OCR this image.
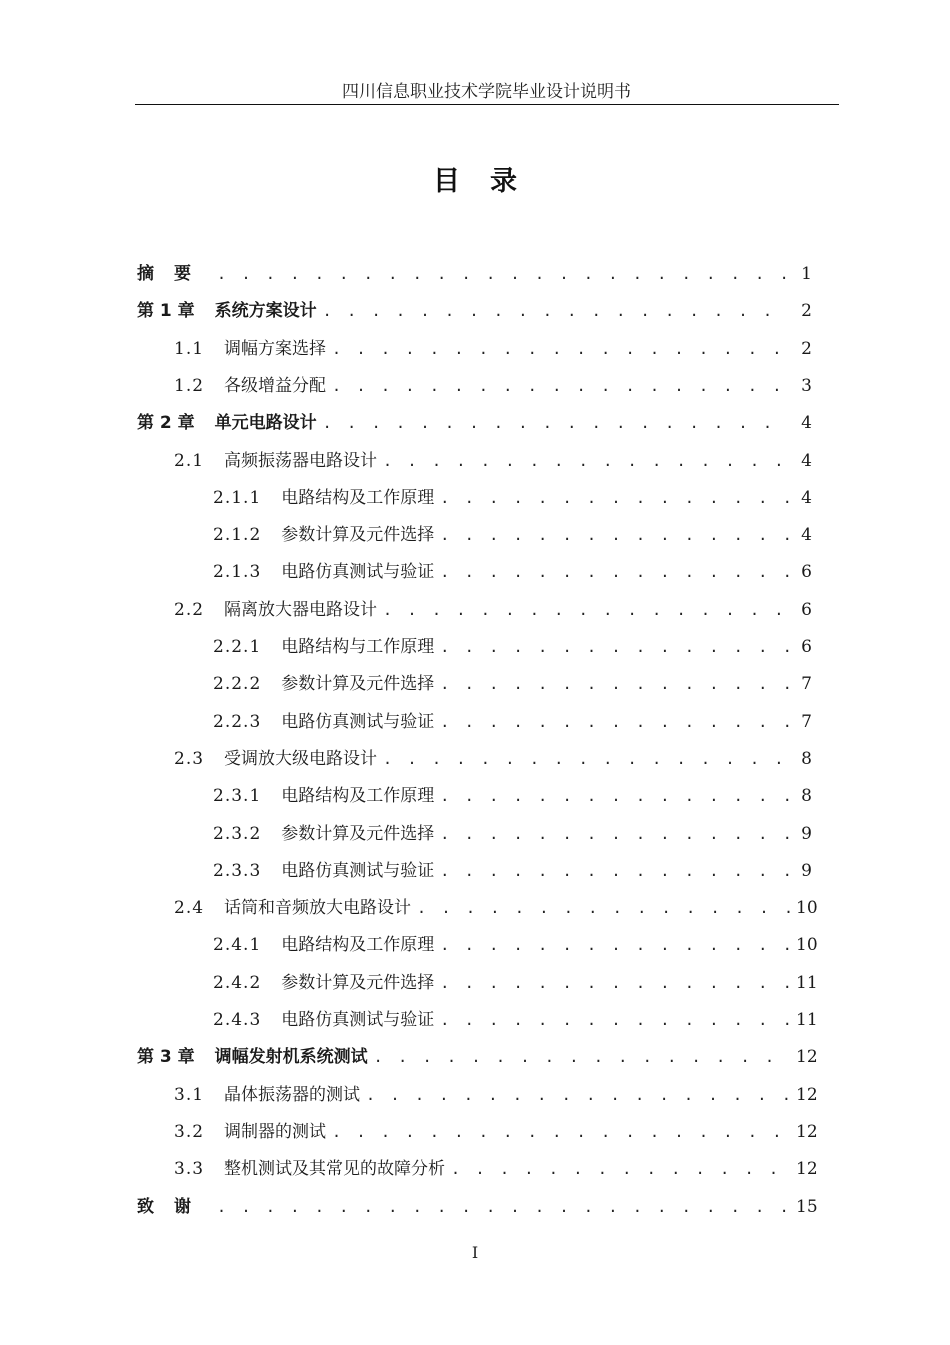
四川信息职业技术学院毕业设计说明书
目录
摘要 . . .	1
第 1 章 系统方案设计 . . .	2
1.1 调幅方案选择 . . .	2
1.2 各级增益分配 . . .	3
第 2 章 单元电路设计 . . .	4
2.1 高频振荡器电路设计 . . .	4
2.1.1 电路结构及工作原理 . . .	4
2.1.2 参数计算及元件选择 . . .	4
2.1.3 电路仿真测试与验证 . . .	6
2.2 隔离放大器电路设计 . . .	6
2.2.1 电路结构与工作原理 . . .	6
2.2.2 参数计算及元件选择 . . .	7
2.2.3 电路仿真测试与验证 . . .	7
2.3 受调放大级电路设计 . . .	8
2.3.1 电路结构及工作原理 . . .	8
2.3.2 参数计算及元件选择 . . .	9
2.3.3 电路仿真测试与验证 . . .	9
2.4 话筒和音频放大电路设计 . . .	10
2.4.1 电路结构及工作原理 . . .	10
2.4.2 参数计算及元件选择 . . .	11
2.4.3 电路仿真测试与验证 . . .	11
第 3 章 调幅发射机系统测试 . . .	12
3.1 晶体振荡器的测试 . . .	12
3.2 调制器的测试 . . .	12
3.3 整机测试及其常见的故障分析 . . .	12
致谢 . . .	15
I
